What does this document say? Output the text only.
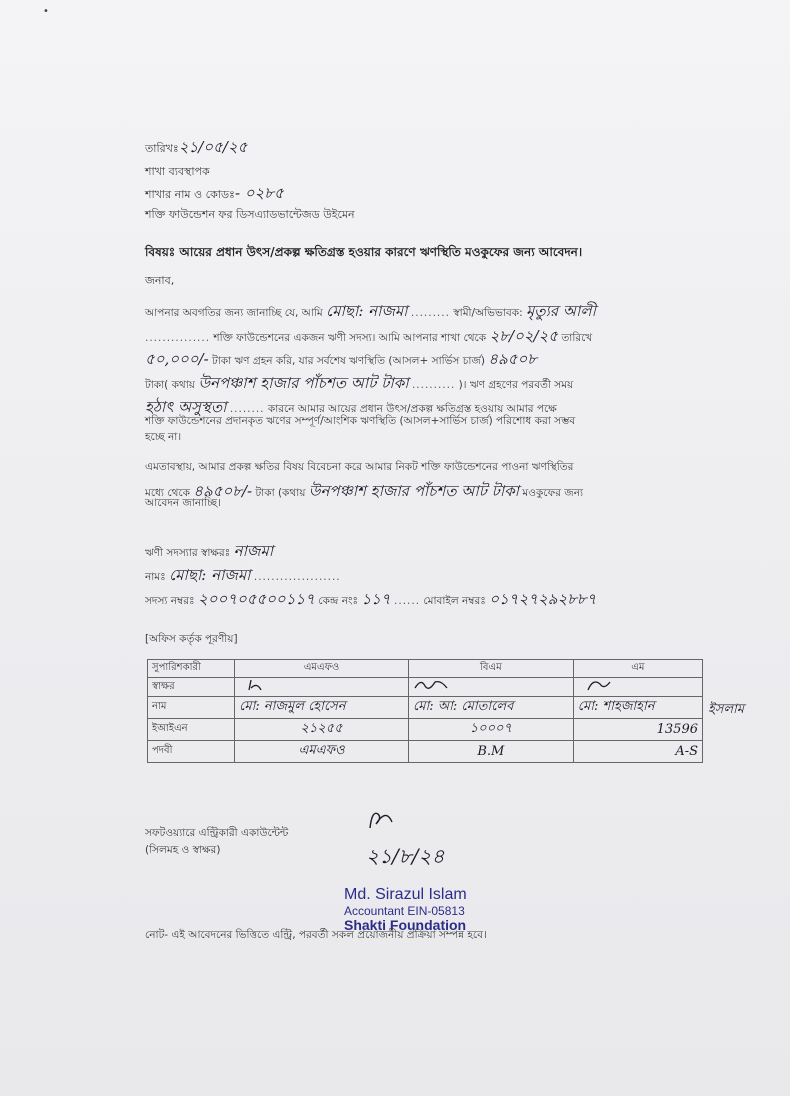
•
তারিখঃ২১/০৫/২৫
শাখা ব্যবস্থাপক
শাখার নাম ও কোডঃ- ০২৮৫
শক্তি ফাউন্ডেশন ফর ডিসএ্যাডভান্টেজড উইমেন
বিষয়ঃ আয়ের প্রধান উৎস/প্রকল্প ক্ষতিগ্রস্ত হওয়ার কারণে ঋণস্থিতি মওকুফের জন্য আবেদন।
জনাব,
আপনার অবগতির জন্য জানাচ্ছি যে, আমি মোছা: নাজমা ......... স্বামী/অভিভাবক: মৃত্যুর আলী
............... শক্তি ফাউন্ডেশনের একজন ঋণী সদস্য। আমি আপনার শাখা থেকে ২৮/০২/২৫ তারিখে
৫০,০০০/- টাকা ঋণ গ্রহন করি, যার সর্বশেষ ঋণস্থিতি (আসল+ সার্ভিস চার্জ) ৪৯৫০৮
টাকা( কথায় উনপঞ্চাশ হাজার পাঁচশত আট টাকা .......... )। ঋণ গ্রহণের পরবর্তী সময়
হঠাৎ অসুস্থতা ........ কারনে আমার আয়ের প্রধান উৎস/প্রকল্প ক্ষতিগ্রস্ত হওয়ায় আমার পক্ষে
শক্তি ফাউন্ডেশনের প্রদানকৃত ঋণের সম্পূর্ণ/আংশিক ঋণস্থিতি (আসল+সার্ভিস চার্জ) পরিশোধ করা সম্ভব
হচ্ছে না।
এমতাবস্থায়, আমার প্রকল্প ক্ষতির বিষয় বিবেচনা করে আমার নিকট শক্তি ফাউন্ডেশনের পাওনা ঋণস্থিতির
মধ্যে থেকে ৪৯৫০৮/- টাকা (কথায় উনপঞ্চাশ হাজার পাঁচশত আট টাকা মওকুফের জন্য
আবেদন জানাচ্ছি।
ঋণী সদস্যার স্বাক্ষরঃ নাজমা
নামঃ মোছা: নাজমা ....................
সদস্য নম্বরঃ ২০০৭০৫৫০০১১৭ কেন্দ্র নংঃ ১১৭ ...... মোবাইল নম্বরঃ ০১৭২৭২৯২৮৮৭
[অফিস কর্তৃক পূরণীয়]
সুপারিশকারী	এমএফও	বিএম	এম
স্বাক্ষর			
নাম	মো: নাজমুল হোসেন	মো: আ: মোতালেব	মো: শাহজাহান
ইআইএন	২১২৫৫	১০০০৭	13596
পদবী	এমএফও	B.M	A-S
ইসলাম
সফটওয়্যারে এন্ট্রিকারী একাউন্টেন্ট
(সিলমহ ও স্বাক্ষর)	২১/৮/২৪
Md. Sirazul Islam
Accountant EIN-05813
Shakti Foundation
নোট- এই আবেদনের ভিত্তিতে এন্ট্রি, পরবর্তী সকল প্রয়োজনীয় প্রক্রিয়া সম্পন্ন হবে।
